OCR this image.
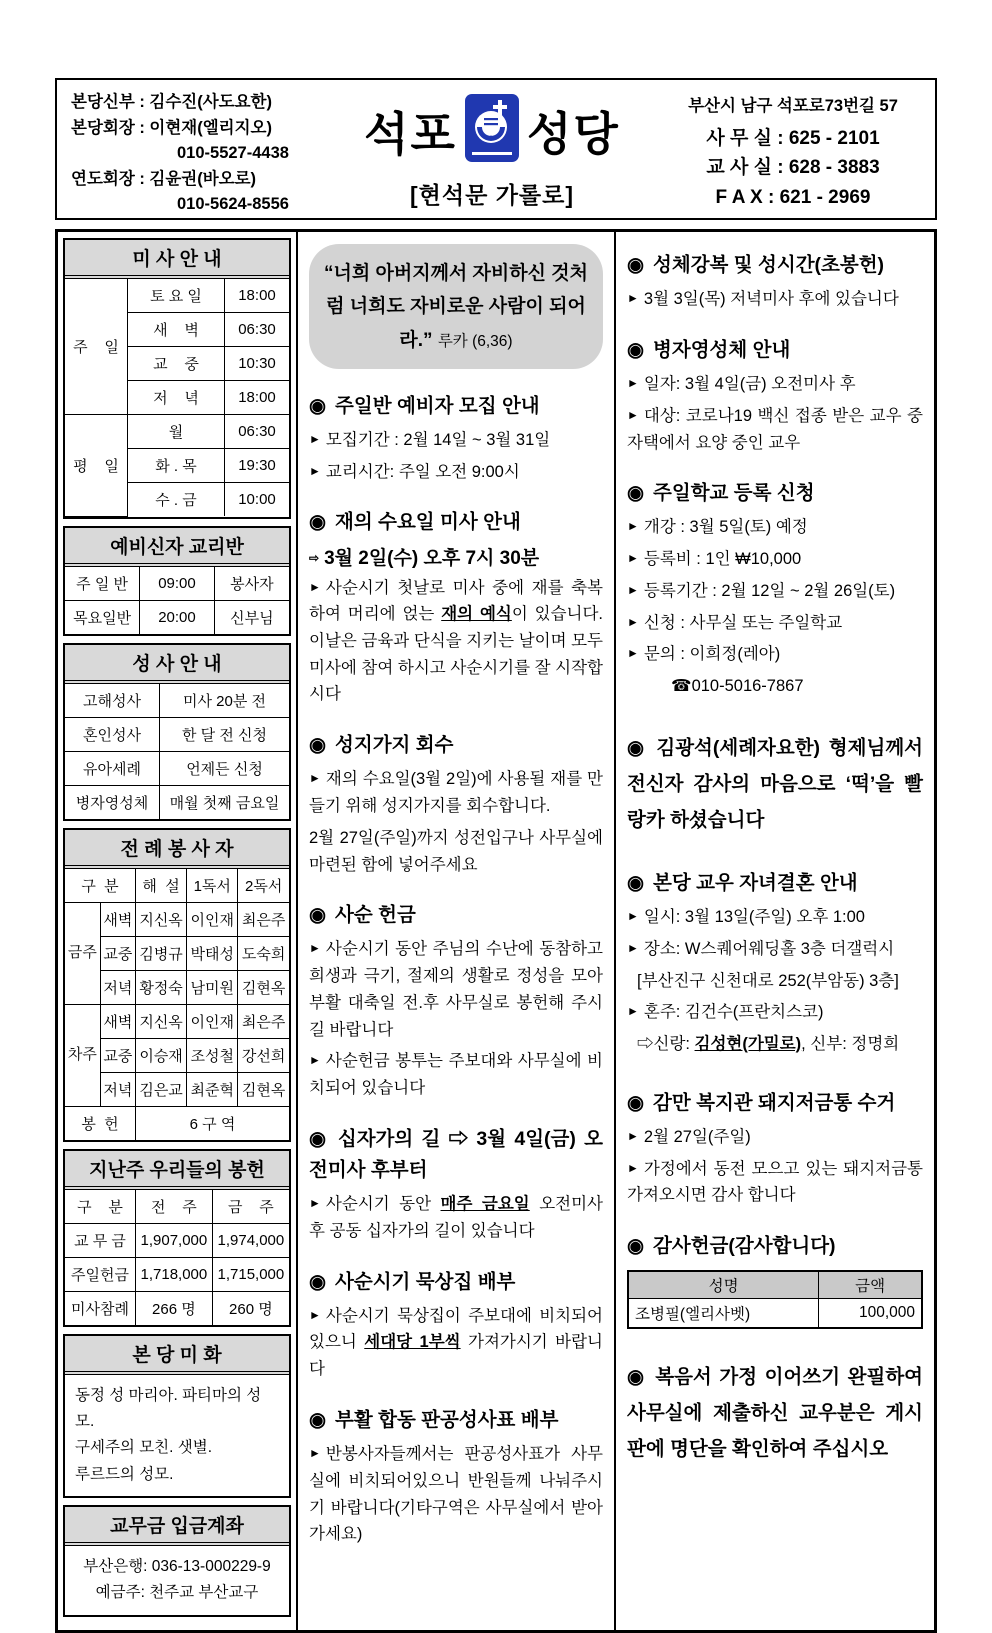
본당신부 : 김수진(사도요한)
본당회장 : 이현재(엘리지오)
010-5527-4438
연도회장 : 김윤권(바오로)
010-5624-8556
석포 성당
[현석문 가롤로]
부산시 남구 석포로73번길 57
사 무 실 : 625 - 2101
교 사 실 : 628 - 3883
F A X : 621 - 2969
미 사 안 내
주    일	토 요 일	18:00
	새    벽	06:30
	교    중	10:30
	저    녁	18:00
평    일	월	06:30
	화 . 목	19:30
	수 . 금	10:00
예비신자 교리반
주 일 반	09:00	봉사자
목요일반	20:00	신부님
성 사 안 내
고해성사	미사 20분 전
혼인성사	한 달 전 신청
유아세례	언제든 신청
병자영성체	매월 첫째 금요일
전 례 봉 사 자
구  분		해  설	1독서	2독서
금주	새벽	지신옥	이인재	최은주
	교중	김병규	박태성	도숙희
	저녁	황정숙	남미원	김현옥
차주	새벽	지신옥	이인재	최은주
	교중	이승재	조성철	강선희
	저녁	김은교	최준혁	김현옥
봉  헌		6 구 역		
지난주 우리들의 봉헌
구    분	전    주	금    주
교 무 금	1,907,000	1,974,000
주일헌금	1,718,000	1,715,000
미사참례	266 명	260 명
본 당 미 화
동정 성 마리아. 파티마의 성모.
구세주의 모친. 샛별.
루르드의 성모.
교무금 입금계좌
부산은행: 036-13-000229-9
예금주: 천주교 부산교구
“너희 아버지께서 자비하신 것처럼 너희도 자비로운 사람이 되어라.” 루카 (6,36)
◉ 주일반 예비자 모집 안내
► 모집기간 : 2월 14일 ~ 3월 31일
► 교리시간: 주일 오전 9:00시
◉ 재의 수요일 미사 안내
⇨ 3월 2일(수) 오후 7시 30분
► 사순시기 첫날로 미사 중에 재를 축복하여 머리에 얹는 재의 예식이 있습니다. 이날은 금육과 단식을 지키는 날이며 모두 미사에 참여 하시고 사순시기를 잘 시작합시다
◉ 성지가지 회수
► 재의 수요일(3월 2일)에 사용될 재를 만들기 위해 성지가지를 회수합니다.
2월 27일(주일)까지 성전입구나 사무실에 마련된 함에 넣어주세요
◉ 사순 헌금
► 사순시기 동안 주님의 수난에 동참하고 희생과 극기, 절제의 생활로 정성을 모아 부활 대축일 전.후 사무실로 봉헌해 주시길 바랍니다
► 사순헌금 봉투는 주보대와 사무실에 비치되어 있습니다
◉ 십자가의 길 ⇨ 3월 4일(금) 오전미사 후부터
► 사순시기 동안 매주 금요일 오전미사 후 공동 십자가의 길이 있습니다
◉ 사순시기 묵상집 배부
► 사순시기 묵상집이 주보대에 비치되어 있으니 세대당 1부씩 가져가시기 바랍니다
◉ 부활 합동 판공성사표 배부
► 반봉사자들께서는 판공성사표가 사무실에 비치되어있으니 반원들께 나눠주시기 바랍니다(기타구역은 사무실에서 받아가세요)
◉ 성체강복 및 성시간(초봉헌)
► 3월 3일(목) 저녁미사 후에 있습니다
◉ 병자영성체 안내
► 일자: 3월 4일(금) 오전미사 후
► 대상: 코로나19 백신 접종 받은 교우 중 자택에서 요양 중인 교우
◉ 주일학교 등록 신청
► 개강 : 3월 5일(토) 예정
► 등록비 : 1인 ₩10,000
► 등록기간 : 2월 12일 ~ 2월 26일(토)
► 신청 : 사무실 또는 주일학교
► 문의 : 이희정(레아)
☎010-5016-7867
◉ 김광석(세례자요한) 형제님께서 전신자 감사의 마음으로 ‘떡’을 빨랑카 하셨습니다
◉ 본당 교우 자녀결혼 안내
► 일시: 3월 13일(주일) 오후 1:00
► 장소: W스퀘어웨딩홀 3층 더갤럭시
[부산진구 신천대로 252(부암동) 3층]
► 혼주: 김건수(프란치스코)
⇨신랑: 김성현(가밀로), 신부: 정명희
◉ 감만 복지관 돼지저금통 수거
► 2월 27일(주일)
► 가정에서 동전 모으고 있는 돼지저금통 가져오시면 감사 합니다
◉ 감사헌금(감사합니다)
성명	금액
조병필(엘리사벳)	100,000
◉ 복음서 가정 이어쓰기 완필하여 사무실에 제출하신 교우분은 게시판에 명단을 확인하여 주십시오
